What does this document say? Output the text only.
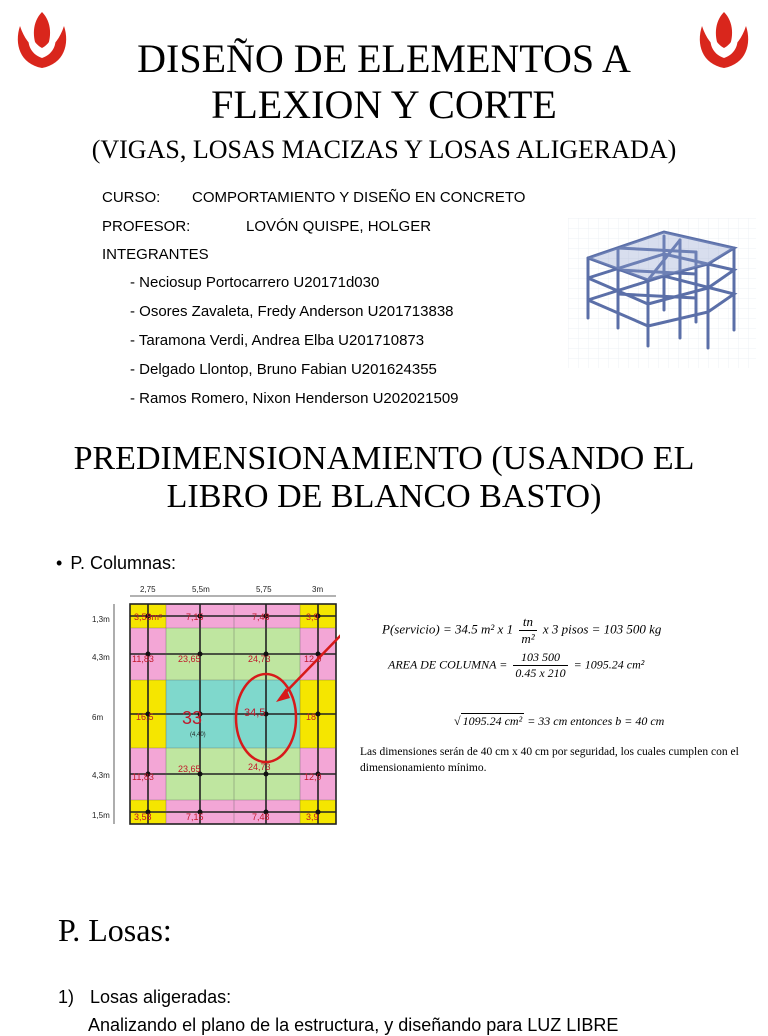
DISEÑO DE ELEMENTOS A FLEXION Y CORTE
(VIGAS, LOSAS MACIZAS Y LOSAS ALIGERADA)
CURSO: COMPORTAMIENTO Y DISEÑO EN CONCRETO
PROFESOR:	LOVÓN QUISPE, HOLGER
INTEGRANTES
- Neciosup Portocarrero U20171d030
- Osores Zavaleta, Fredy Anderson U201713838
- Taramona Verdi, Andrea Elba U201710873
- Delgado Llontop, Bruno Fabian U201624355
- Ramos Romero, Nixon Henderson U202021509
PREDIMENSIONAMIENTO (USANDO EL LIBRO DE BLANCO BASTO)
• P. Columnas:
2,75	5,5m	5,75	3m
1,3m
4,3m
6m
4,3m
1,5m
3,58m²	7,15	7,48	3,9
11,83	23,65	24,73	12,9
16,5 33	34,5	18
11,83
23,65	24,73
12,9
3,58	7,15	7,48	3,9
(4,40)
P(servicio) = 34.5 m² x $1 \frac{tn}{\text{m²}}$ x 3 pisos = 103 500 kg
AREA DE COLUMNA = $\frac{103 500}{0.45 x 210} = 1095.24$ cm²
√ 1095.24 cm² = 33 cm entonces b = 40 cm
Las dimensiones serán de 40 cm x 40 cm por seguridad, los cuales cumplen con el dimensionamiento mínimo.
P. Losas:
1) Losas aligeradas:
Analizando el plano de la estructura, y diseñando para LUZ LIBRE
